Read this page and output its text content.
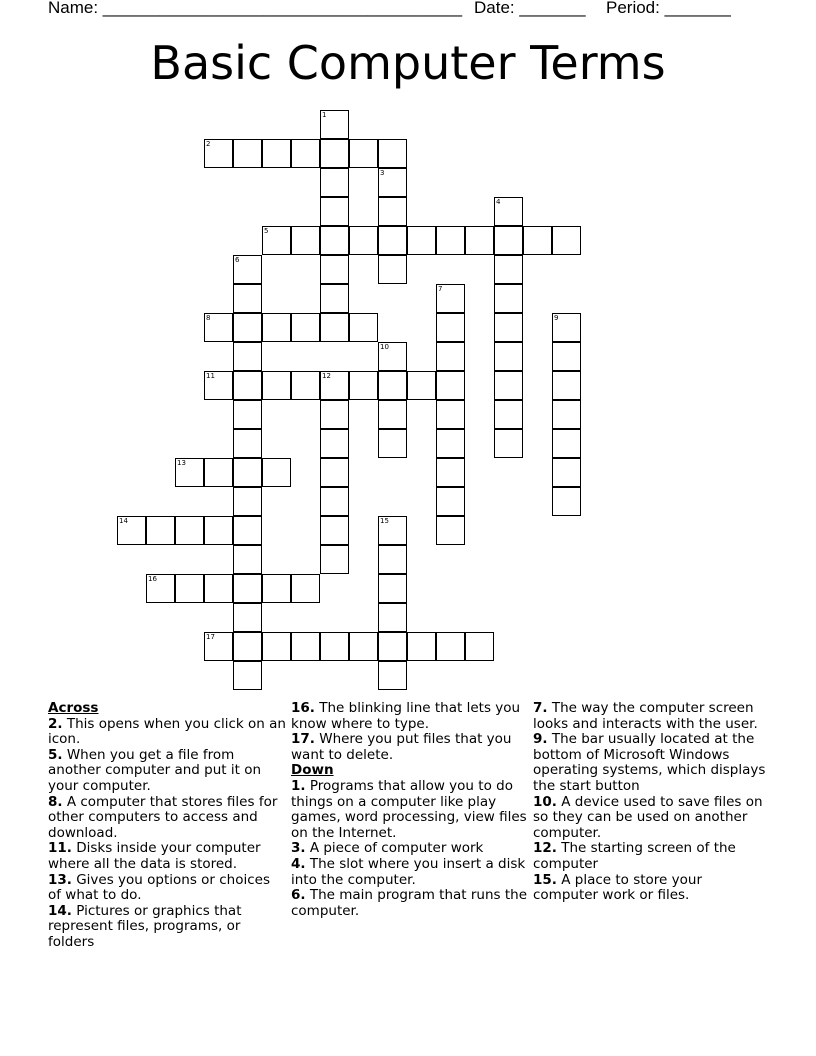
Name: ______________________________________ Date: _______ Period: _______
Basic Computer Terms
1
2
3
4
5
6
7
8	9
10
11	12
13
14	15
16
17
Across
2. This opens when you click on an icon.
5. When you get a file from another computer and put it on your computer.
8. A computer that stores files for other computers to access and download.
11. Disks inside your computer where all the data is stored.
13. Gives you options or choices of what to do.
14. Pictures or graphics that represent files, programs, or folders
16. The blinking line that lets you know where to type.
17. Where you put files that you want to delete.
Down
1. Programs that allow you to do things on a computer like play games, word processing, view files on the Internet.
3. A piece of computer work
4. The slot where you insert a disk into the computer.
6. The main program that runs the computer.
7. The way the computer screen looks and interacts with the user.
9. The bar usually located at the bottom of Microsoft Windows operating systems, which displays the start button
10. A device used to save files on so they can be used on another computer.
12. The starting screen of the computer
15. A place to store your computer work or files.
